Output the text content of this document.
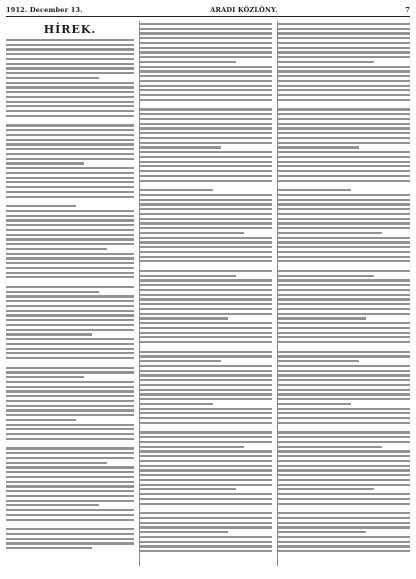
1912. December 13.	ARADI KÖZLÖNY.	7
HÍREK.
